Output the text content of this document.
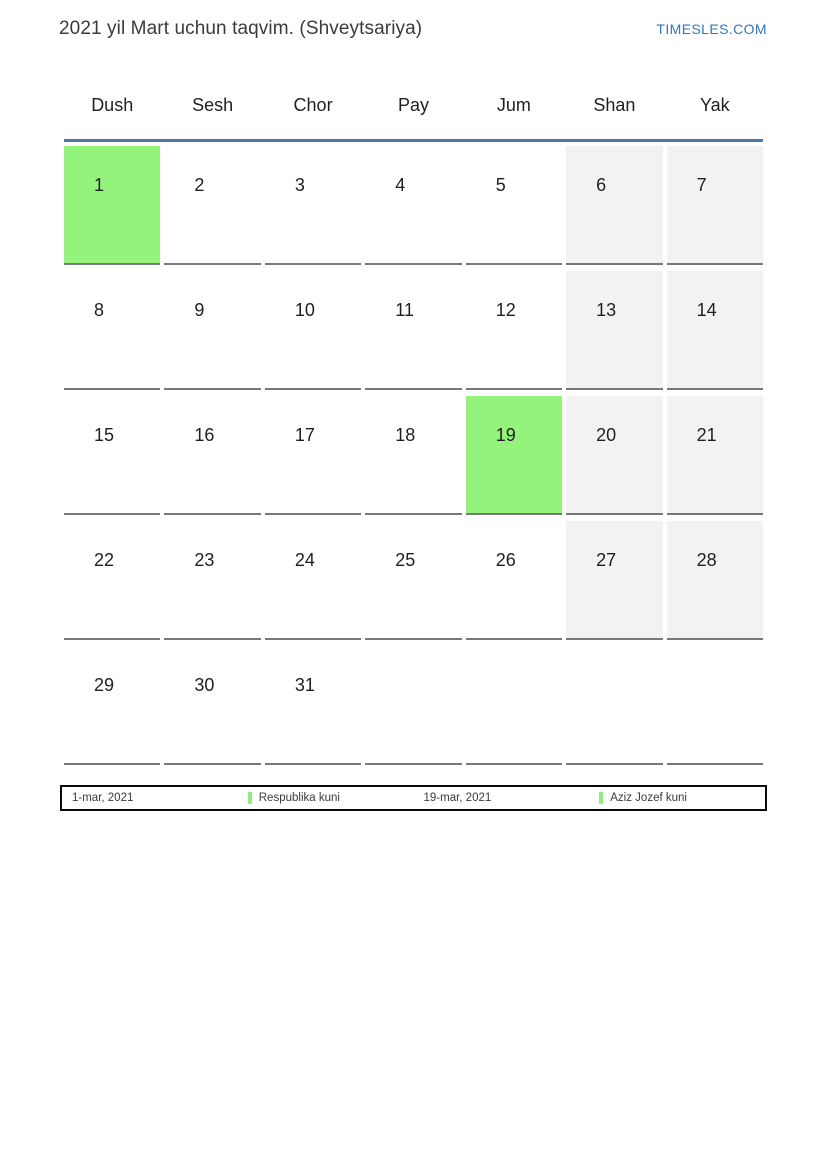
2021 yil Mart uchun taqvim. (Shveytsariya)	TIMESLES.COM
Dush	Sesh	Chor	Pay	Jum	Shan	Yak
1	2	3	4	5	6	7
8	9	10	11	12	13	14
15	16	17	18	19	20	21
22	23	24	25	26	27	28
29	30	31
1-mar, 2021	Respublika kuni	19-mar, 2021	Aziz Jozef kuni
